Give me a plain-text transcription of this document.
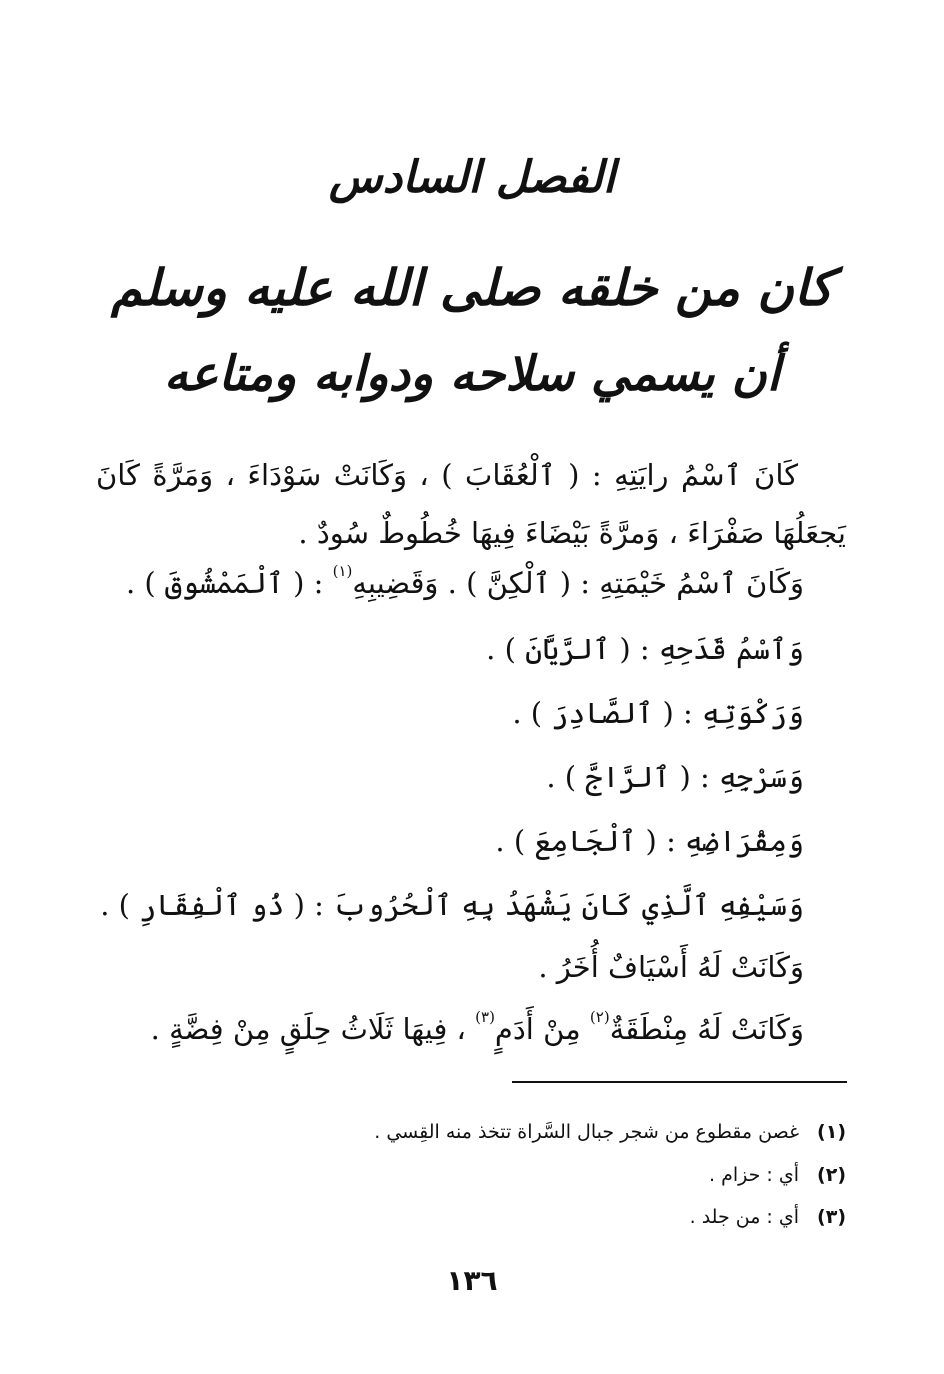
الفصل السادس
كان من خلقه صلى الله عليه وسلم
أن يسمي سلاحه ودوابه ومتاعه
كَانَ ٱسْمُ رايَتِهِ : ( ٱلْعُقَابَ ) ، وَكَانَتْ سَوْدَاءَ ، وَمَرَّةً كَانَ يَجعَلُهَا صَفْرَاءَ ، وَمرَّةً بَيْضَاءَ فِيهَا خُطُوطٌ سُودٌ .
وَكَانَ ٱسْمُ خَيْمَتِهِ : ( ٱلْكِنَّ ) . وَقَضِيبِهِ$^{(١)}$ : ( ٱلْمَمْشُوقَ ) .
وَٱسْمُ قَدَحِهِ : ( ٱلرَّيَّانَ ) .
وَرَكْوَتِهِ : ( ٱلصَّادِرَ ) .
وَسَرْجِهِ : ( ٱلرَّاجَّ ) .
وَمِقْرَاضِهِ : ( ٱلْجَامِعَ ) .
وَسَيْفِهِ ٱلَّذِي كَانَ يَشْهَدُ بِهِ ٱلْحُرُوبَ : ( ذُو ٱلْفِقَارِ ) .
وَكَانَتْ لَهُ أَسْيَافٌ أُخَرُ .
وَكَانَتْ لَهُ مِنْطَقَةٌ$^{(٢)}$ مِنْ أَدَمٍ$^{(٣)}$ ، فِيهَا ثَلَاثُ حِلَقٍ مِنْ فِضَّةٍ .
(١)غصن مقطوع من شجر جبال السَّراة تتخذ منه القِسي .
(٢)أي : حزام .
(٣)أي : من جلد .
١٣٦
